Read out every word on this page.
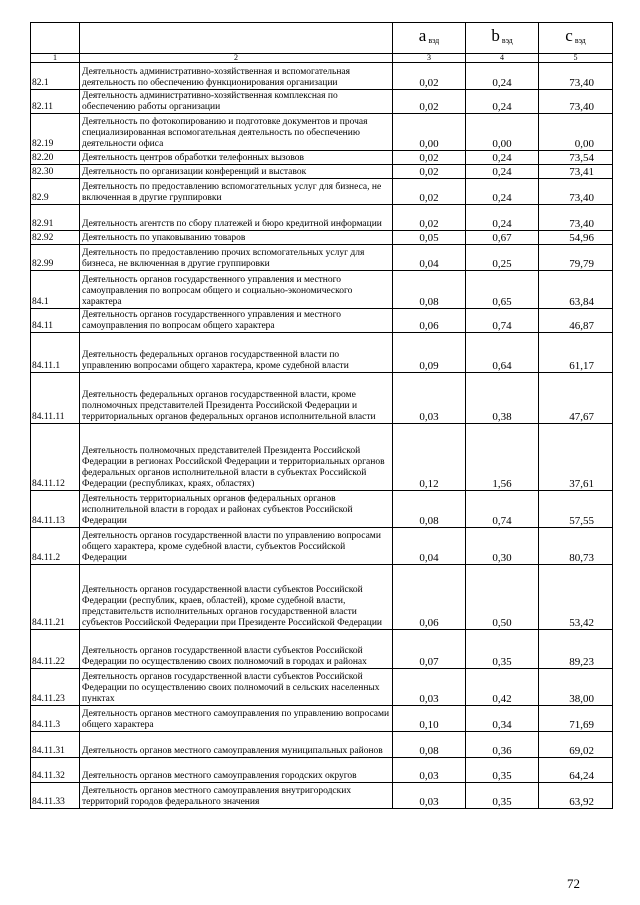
		a $_{вэд}$	b $_{вэд}$	c $_{вэд}$
1	2	3	4	5
82.1	Деятельность административно-хозяйственная и вспомогательная деятельность по обеспечению функционирования организации	0,02	0,24	73,40
82.11	Деятельность административно-хозяйственная комплексная по обеспечению работы организации	0,02	0,24	73,40
82.19	Деятельность по фотокопированию и подготовке документов и прочая специализированная вспомогательная деятельность по обеспечению деятельности офиса	0,00	0,00	0,00
82.20	Деятельность центров обработки телефонных вызовов	0,02	0,24	73,54
82.30	Деятельность по организации конференций и выставок	0,02	0,24	73,41
82.9	Деятельность по предоставлению вспомогательных услуг для бизнеса, не включенная в другие группировки	0,02	0,24	73,40
82.91	Деятельность агентств по сбору платежей и бюро кредитной информации	0,02	0,24	73,40
82.92	Деятельность по упаковыванию товаров	0,05	0,67	54,96
82.99	Деятельность по предоставлению прочих вспомогательных услуг для бизнеса, не включенная в другие группировки	0,04	0,25	79,79
84.1	Деятельность органов государственного управления и местного самоуправления по вопросам общего и социально-экономического характера	0,08	0,65	63,84
84.11	Деятельность органов государственного управления и местного самоуправления по вопросам общего характера	0,06	0,74	46,87
84.11.1	Деятельность федеральных органов государственной власти по управлению вопросами общего характера, кроме судебной власти	0,09	0,64	61,17
84.11.11	Деятельность федеральных органов государственной власти, кроме полномочных представителей Президента Российской Федерации и территориальных органов федеральных органов исполнительной власти	0,03	0,38	47,67
84.11.12	Деятельность полномочных представителей Президента Российской Федерации в регионах Российской Федерации и территориальных органов федеральных органов исполнительной власти в субъектах Российской Федерации (республиках, краях, областях)	0,12	1,56	37,61
84.11.13	Деятельность территориальных органов федеральных органов исполнительной власти в городах и районах субъектов Российской Федерации	0,08	0,74	57,55
84.11.2	Деятельность органов государственной власти по управлению вопросами общего характера, кроме судебной власти, субъектов Российской Федерации	0,04	0,30	80,73
84.11.21	Деятельность органов государственной власти субъектов Российской Федерации (республик, краев, областей), кроме судебной власти, представительств исполнительных органов государственной власти субъектов Российской Федерации при Президенте Российской Федерации	0,06	0,50	53,42
84.11.22	Деятельность органов государственной власти субъектов Российской Федерации по осуществлению своих полномочий в городах и районах	0,07	0,35	89,23
84.11.23	Деятельность органов государственной власти субъектов Российской Федерации по осуществлению своих полномочий в сельских населенных пунктах	0,03	0,42	38,00
84.11.3	Деятельность органов местного самоуправления по управлению вопросами общего характера	0,10	0,34	71,69
84.11.31	Деятельность органов местного самоуправления муниципальных районов	0,08	0,36	69,02
84.11.32	Деятельность органов местного самоуправления городских округов	0,03	0,35	64,24
84.11.33	Деятельность органов местного самоуправления внутригородских территорий городов федерального значения	0,03	0,35	63,92
72
